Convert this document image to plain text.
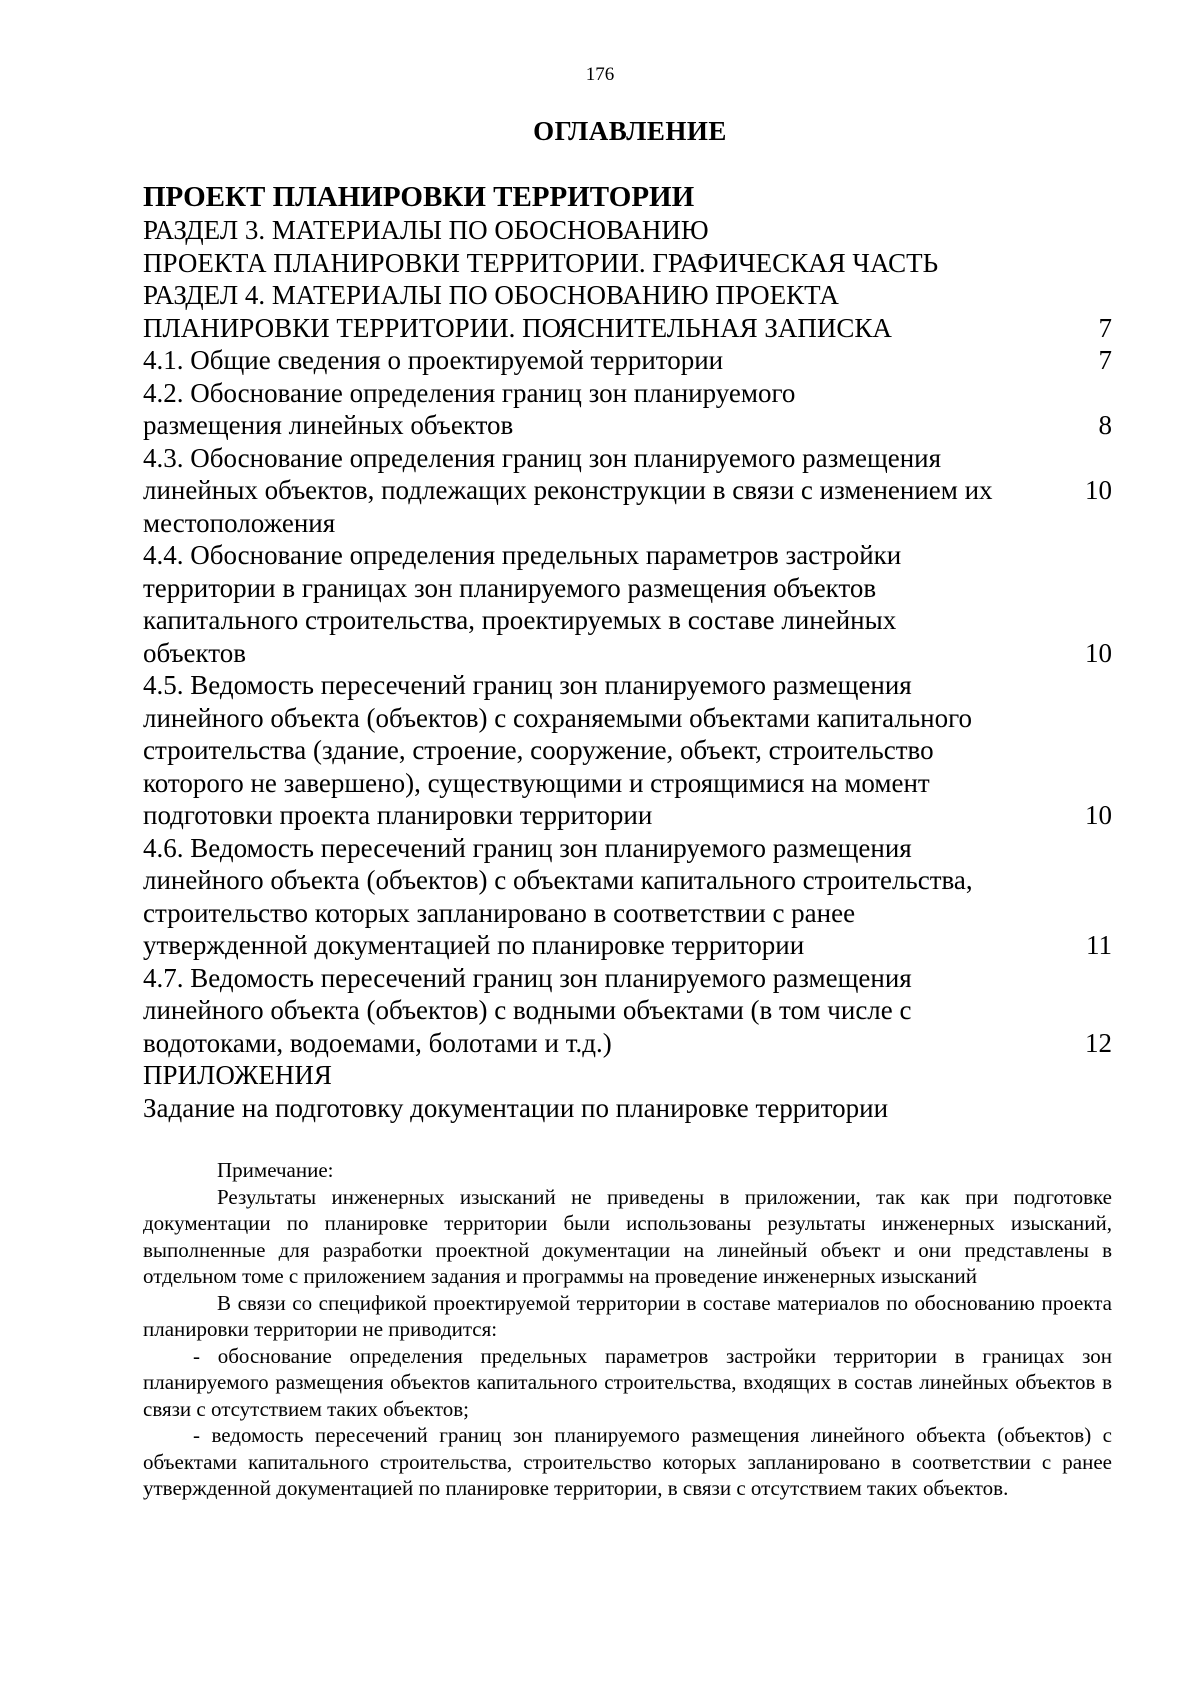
176
ОГЛАВЛЕНИЕ
ПРОЕКТ ПЛАНИРОВКИ ТЕРРИТОРИИ
РАЗДЕЛ 3. МАТЕРИАЛЫ ПО ОБОСНОВАНИЮ
ПРОЕКТА ПЛАНИРОВКИ ТЕРРИТОРИИ. ГРАФИЧЕСКАЯ ЧАСТЬ
РАЗДЕЛ 4. МАТЕРИАЛЫ ПО ОБОСНОВАНИЮ ПРОЕКТА
ПЛАНИРОВКИ ТЕРРИТОРИИ. ПОЯСНИТЕЛЬНАЯ ЗАПИСКА	7
4.1. Общие сведения о проектируемой территории	7
4.2. Обоснование определения границ зон планируемого
размещения линейных объектов	8
4.3. Обоснование определения границ зон планируемого размещения
линейных объектов, подлежащих реконструкции в связи с изменением их	10
местоположения
4.4. Обоснование определения предельных параметров застройки
территории в границах зон планируемого размещения объектов
капитального строительства, проектируемых в составе линейных
объектов	10
4.5. Ведомость пересечений границ зон планируемого размещения
линейного объекта (объектов) с сохраняемыми объектами капитального
строительства (здание, строение, сооружение, объект, строительство
которого не завершено), существующими и строящимися на момент
подготовки проекта планировки территории	10
4.6. Ведомость пересечений границ зон планируемого размещения
линейного объекта (объектов) с объектами капитального строительства,
строительство которых запланировано в соответствии с ранее
утвержденной документацией по планировке территории	11
4.7. Ведомость пересечений границ зон планируемого размещения
линейного объекта (объектов) с водными объектами (в том числе с
водотоками, водоемами, болотами и т.д.)	12
ПРИЛОЖЕНИЯ
Задание на подготовку документации по планировке территории

Примечание:

Результаты инженерных изысканий не приведены в приложении, так как при подготовке документации по планировке территории были использованы результаты инженерных изысканий, выполненные для разработки проектной документации на линейный объект и они представлены в отдельном томе с приложением задания и программы на проведение инженерных изысканий

В связи со спецификой проектируемой территории в составе материалов по обоснованию проекта планировки территории не приводится:

- обоснование определения предельных параметров застройки территории в границах зон планируемого размещения объектов капитального строительства, входящих в состав линейных объектов в связи с отсутствием таких объектов;

- ведомость пересечений границ зон планируемого размещения линейного объекта (объектов) с объектами капитального строительства, строительство которых запланировано в соответствии с ранее утвержденной документацией по планировке территории, в связи с отсутствием таких объектов.
